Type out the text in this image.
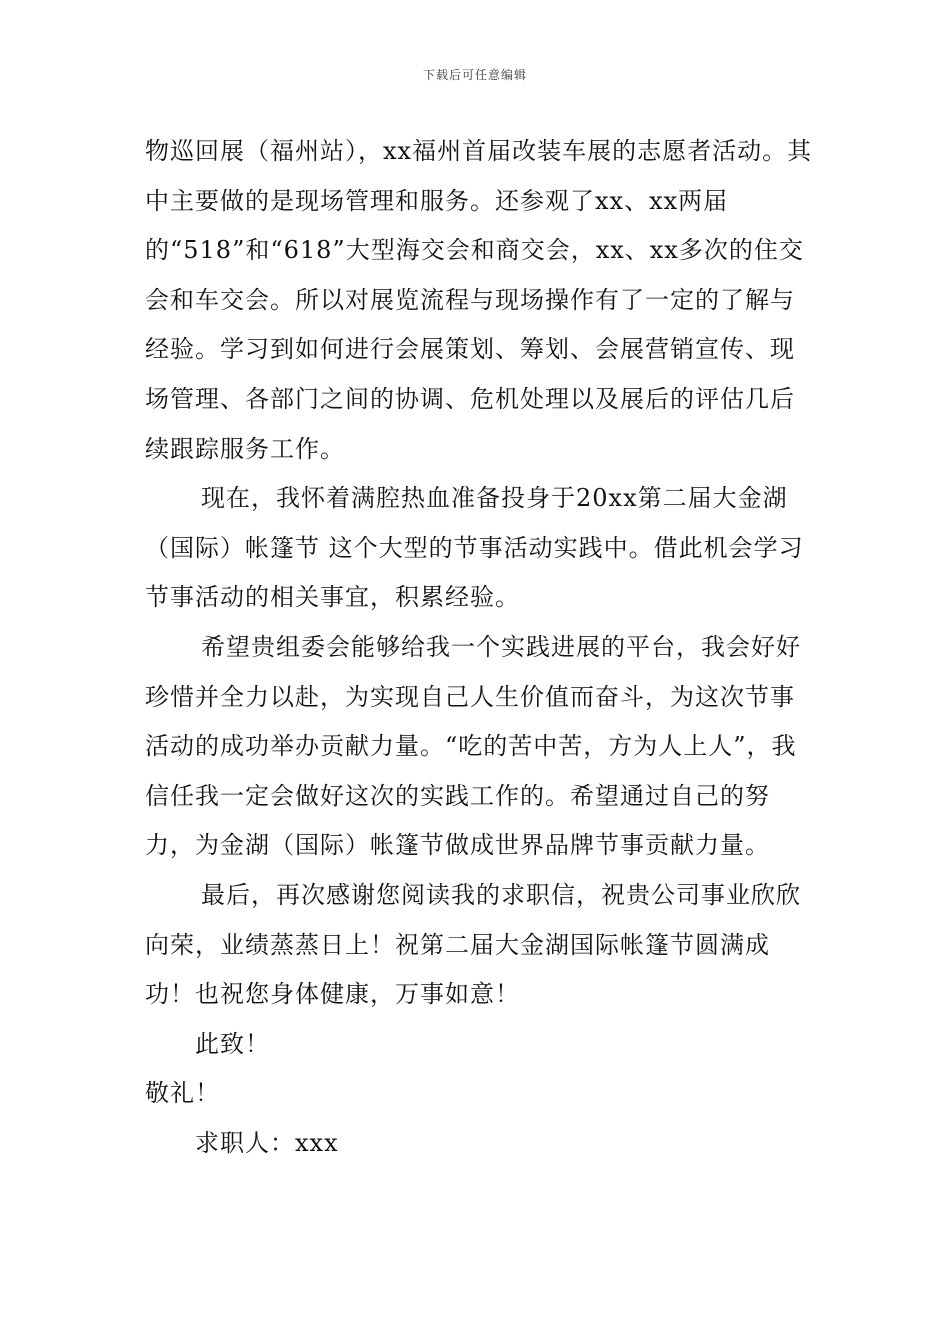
下载后可任意编辑

物巡回展（福州站），xx福州首届改装车展的志愿者活动。其中主要做的是现场管理和服务。还参观了xx、xx两届的“518”和“618”大型海交会和商交会，xx、xx多次的住交会和车交会。所以对展览流程与现场操作有了一定的了解与经验。学习到如何进行会展策划、筹划、会展营销宣传、现场管理、各部门之间的协调、危机处理以及展后的评估几后续跟踪服务工作。

现在，我怀着满腔热血准备投身于20xx第二届大金湖（国际）帐篷节 这个大型的节事活动实践中。借此机会学习节事活动的相关事宜，积累经验。

希望贵组委会能够给我一个实践进展的平台，我会好好珍惜并全力以赴，为实现自己人生价值而奋斗，为这次节事活动的成功举办贡献力量。“吃的苦中苦，方为人上人”，我信任我一定会做好这次的实践工作的。希望通过自己的努力，为金湖（国际）帐篷节做成世界品牌节事贡献力量。

最后，再次感谢您阅读我的求职信，祝贵公司事业欣欣向荣，业绩蒸蒸日上！祝第二届大金湖国际帐篷节圆满成功！也祝您身体健康，万事如意！

此致！

敬礼！

求职人：xxx
